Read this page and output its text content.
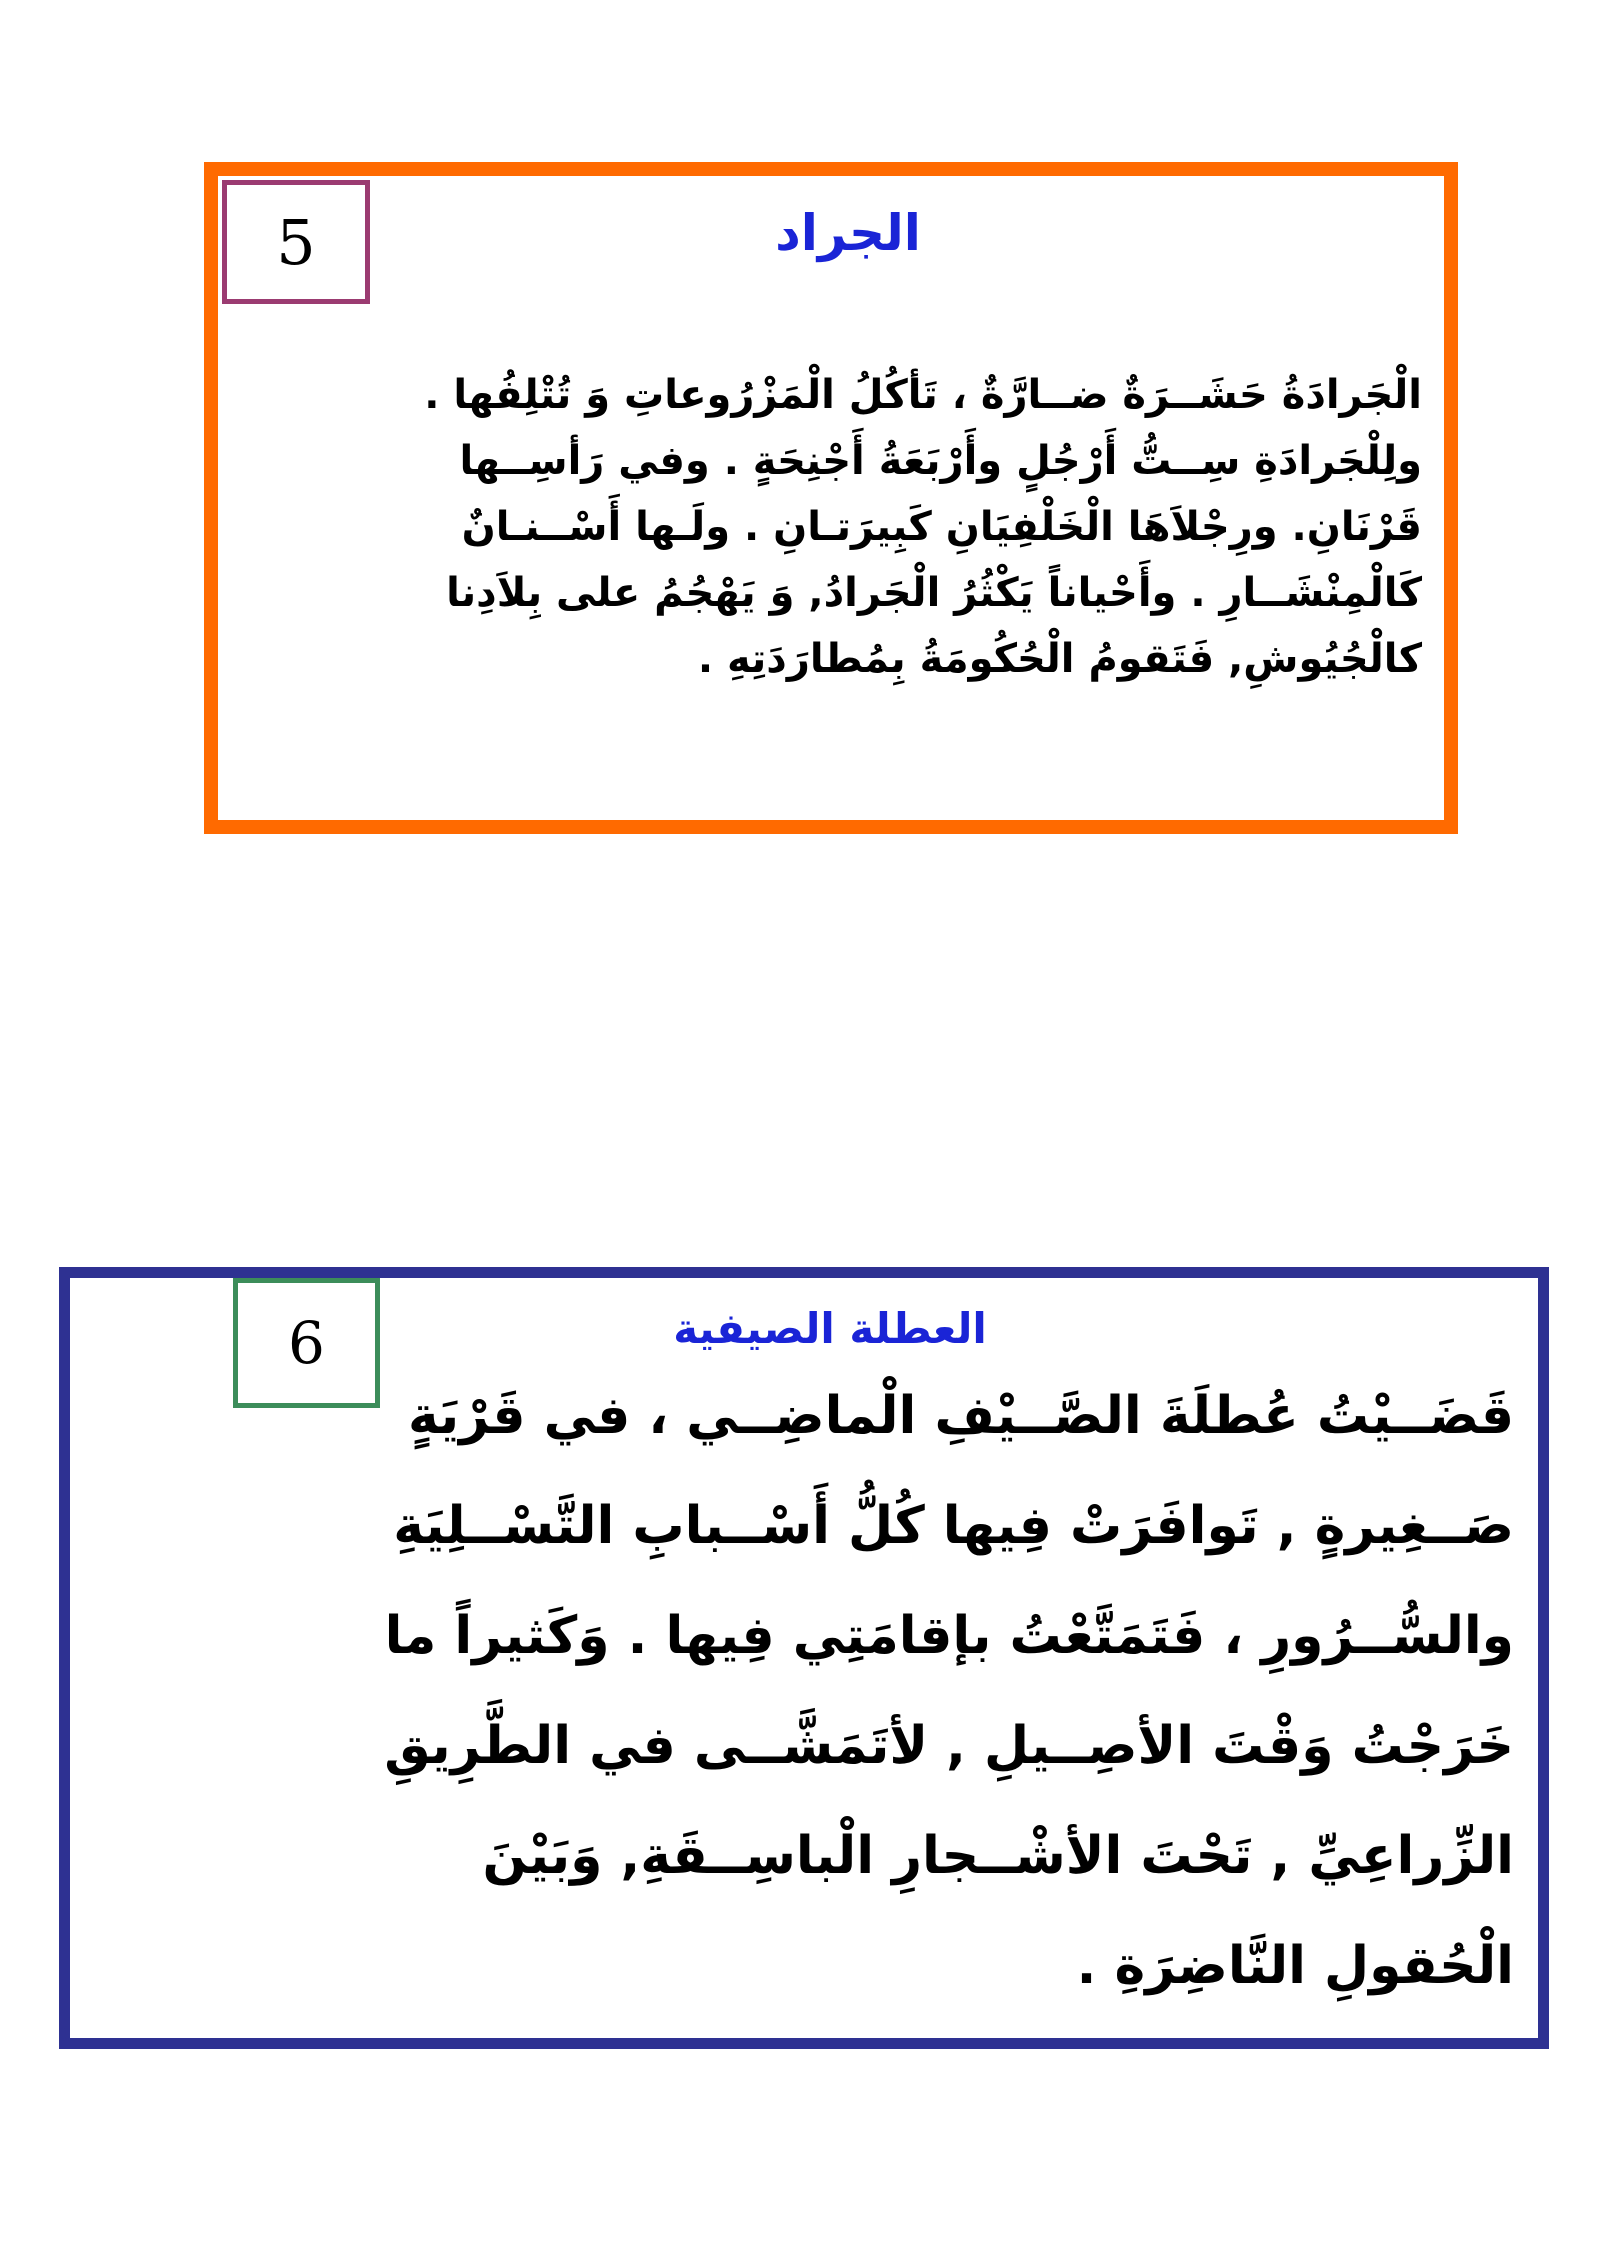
5	الجراد
الْجَرادَةُ حَشَــرَةٌ ضــارَّةٌ ، تَأكُلُ الْمَزْرُوعاتِ وَ تُتْلِفُها .
ولِلْجَرادَةِ سِــتُّ أَرْجُلٍ وأَرْبَعَةُ أَجْنِحَةٍ . وفي رَأسِــها
قَرْنَانِ. ورِجْلاَهَا الْخَلْفِيَانِ كَبِيرَتـانِ . ولَـها أَسْــنـانٌ
كَالْمِنْشَــارِ . وأَحْياناً يَكْثُرُ الْجَرادُ, وَ يَهْجُمُ على بِلاَدِنا
كالْجُيُوشِ, فَتَقومُ الْحُكُومَةُ بِمُطارَدَتِهِ .
6	العطلة الصيفية
قَضَــيْتُ عُطلَةَ الصَّــيْفِ الْماضِــي ، في قَرْيَةٍ
صَــغِيرةٍ , تَوافَرَتْ فِيها كُلُّ أَسْــبابِ التَّسْــلِيَةِ
والسُّــرُورِ ، فَتَمَتَّعْتُ بإقامَتِي فِيها . وَكَثيراً ما
خَرَجْتُ وَقْتَ الأصِــيلِ , لأتَمَشَّــى في الطَّرِيقِ
الزِّراعِيِّ , تَحْتَ الأشْــجارِ الْباسِــقَةِ, وَبَيْنَ
الْحُقولِ النَّاضِرَةِ .
